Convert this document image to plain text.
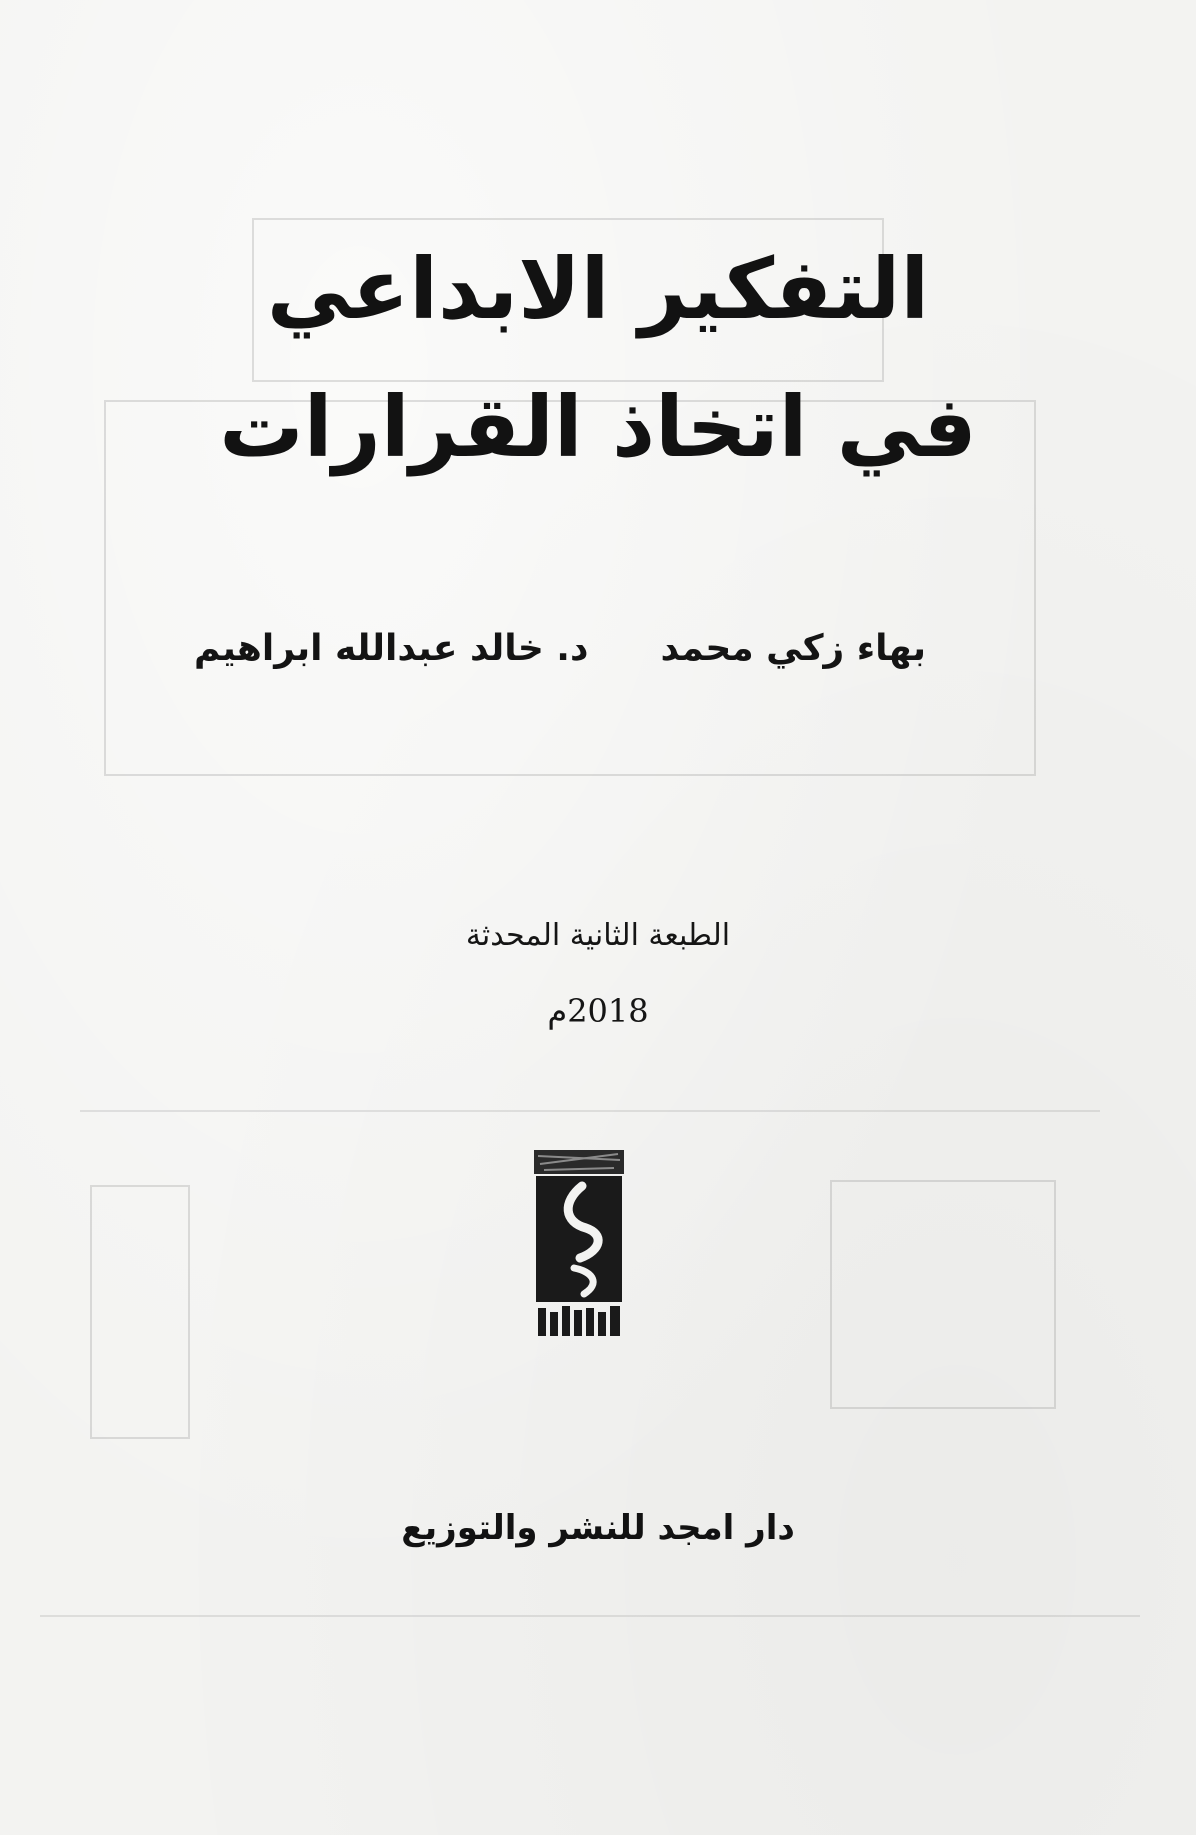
التفكير الابداعي
في اتخاذ القرارات
بهاء زكي محمدد. خالد عبدالله ابراهيم
الطبعة الثانية المحدثة
2018م
دار امجد للنشر والتوزيع
